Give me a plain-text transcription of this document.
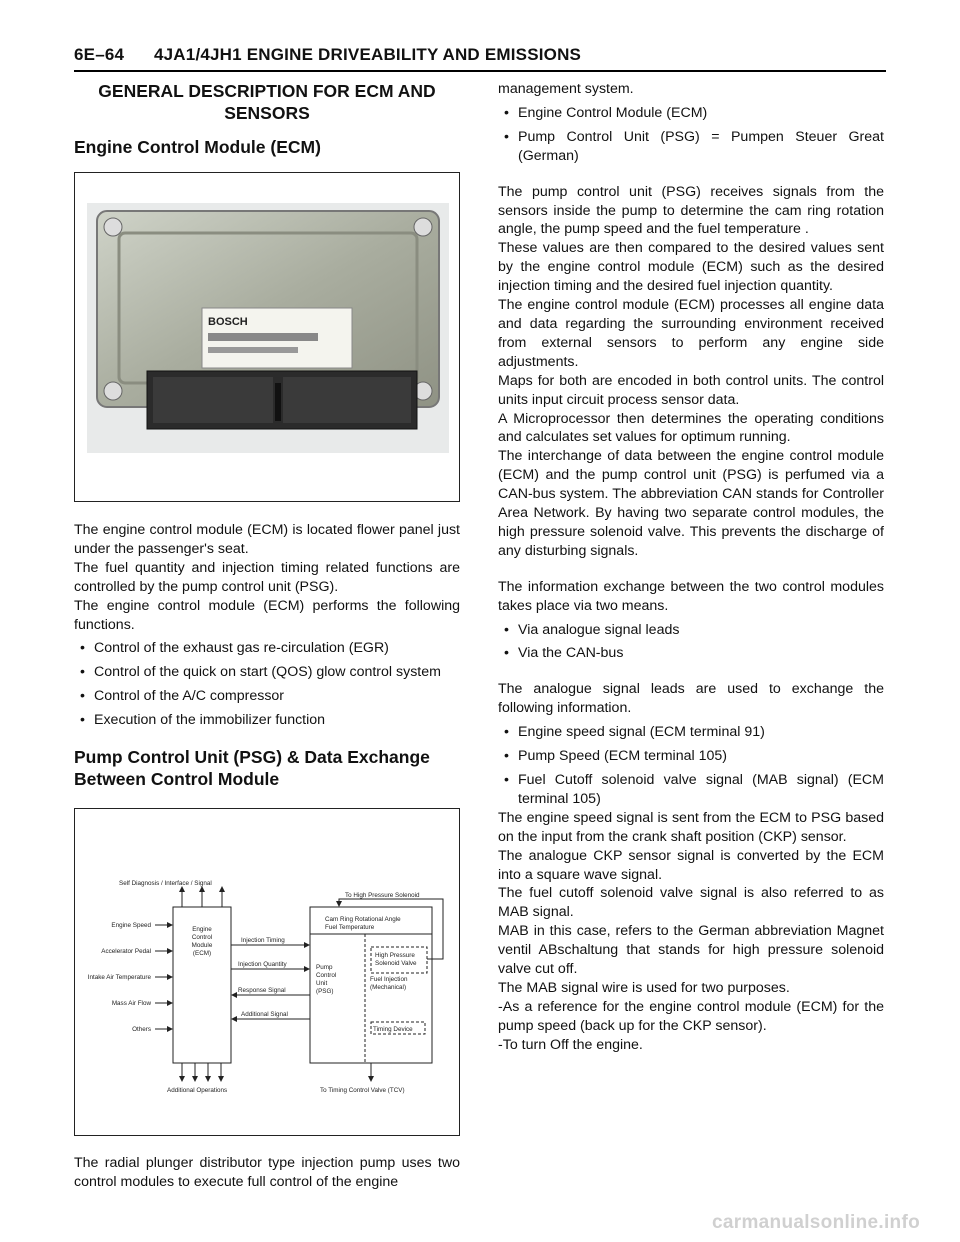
6E–64 4JA1/4JH1 ENGINE DRIVEABILITY AND EMISSIONS
GENERAL DESCRIPTION FOR ECM AND SENSORS
Engine Control Module (ECM)
BOSCH

The engine control module (ECM) is located flower panel just under the passenger's seat.

The fuel quantity and injection timing related functions are controlled by the pump control unit (PSG).

The engine control module (ECM) performs the following functions.

• Control of the exhaust gas re-circulation (EGR)
• Control of the quick on start (QOS) glow control system
• Control of the A/C compressor
• Execution of the immobilizer function
Pump Control Unit (PSG) & Data Exchange Between Control Module
Self Diagnosis / Interface / Signal
Engine Speed
Accelerator Pedal
Intake Air Temperature
Mass Air Flow
Others
Engine
Control
Module
(ECM)
Injection Timing
Injection Quantity
Response Signal
Additional Signal
Pump
Control
Unit
(PSG)
Cam Ring Rotational Angle
Fuel Temperature
High Pressure
Solenoid Valve
Fuel Injection
(Mechanical)
Timing Device
To High Pressure Solenoid
Additional Operations	To Timing Control Valve (TCV)

The radial plunger distributor type injection pump uses two control modules to execute full control of the engine

management system.

• Engine Control Module (ECM)
• Pump Control Unit (PSG) = Pumpen Steuer Great (German)

The pump control unit (PSG) receives signals from the sensors inside the pump to determine the cam ring rotation angle, the pump speed and the fuel temperature .

These values are then compared to the desired values sent by the engine control module (ECM) such as the desired injection timing and the desired fuel injection quantity.

The engine control module (ECM) processes all engine data and data regarding the surrounding environment received from external sensors to perform any engine side adjustments.

Maps for both are encoded in both control units. The control units input circuit process sensor data.

A Microprocessor then determines the operating conditions and calculates set values for optimum running.

The interchange of data between the engine control module (ECM) and the pump control unit (PSG) is perfumed via a CAN-bus system. The abbreviation CAN stands for Controller Area Network. By having two separate control modules, the high pressure solenoid valve. This prevents the discharge of any disturbing signals.

The information exchange between the two control modules takes place via two means.

• Via analogue signal leads
• Via the CAN-bus

The analogue signal leads are used to exchange the following information.

• Engine speed signal (ECM terminal 91)
• Pump Speed (ECM terminal 105)
• Fuel Cutoff solenoid valve signal (MAB signal) (ECM terminal 105)

The engine speed signal is sent from the ECM to PSG based on the input from the crank shaft position (CKP) sensor.

The analogue CKP sensor signal is converted by the ECM into a square wave signal.

The fuel cutoff solenoid valve signal is also referred to as MAB signal.

MAB in this case, refers to the German abbreviation Magnet ventil ABschaltung that stands for high pressure solenoid valve cut off.

The MAB signal wire is used for two purposes.

-As a reference for the engine control module (ECM) for the pump speed (back up for the CKP sensor).

-To turn Off the engine.

carmanualsonline.info
